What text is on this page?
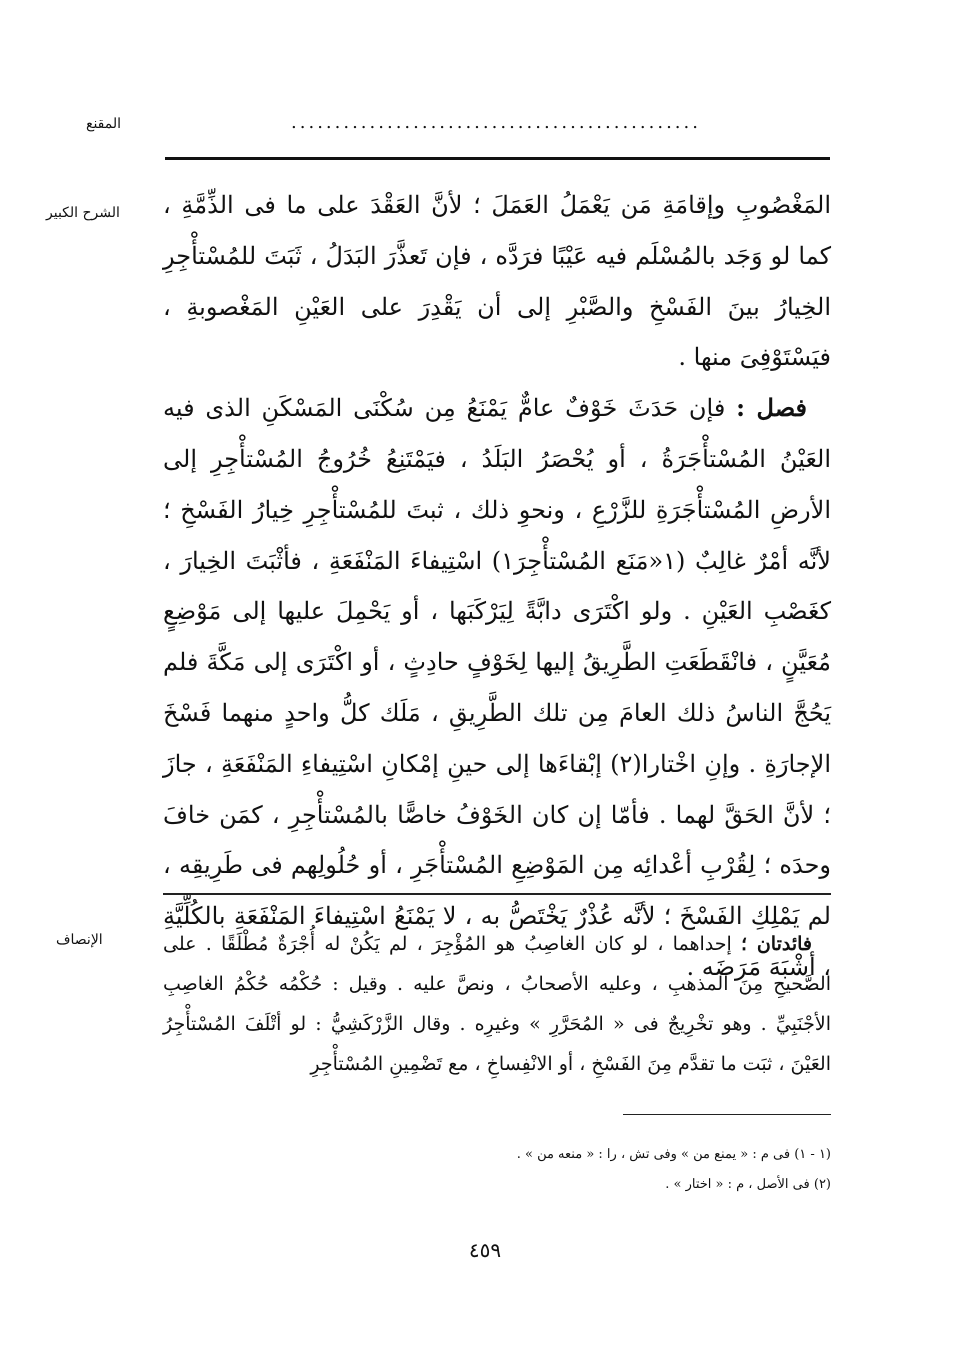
المقنع	...............................................
الشرح الكبير	المَغْصُوبِ وإقامَةِ مَن يَعْمَلُ العَمَلَ ؛ لأنَّ العَقْدَ على ما فى الذِّمَّةِ ، كما لو وَجَد بالمُسْلَم فيه عَيْبًا فرَدَّه ، فإن تَعذَّرَ البَدَلُ ، ثَبَتَ للمُسْتأْجِرِ الخِيارُ بينَ الفَسْخِ والصَّبْرِ إلى أن يَقْدِرَ على العَيْنِ المَغْصوبةِ ، فيَسْتَوْفِىَ منها .

 فصل : فإن حَدَثَ خَوْفٌ عامٌّ يَمْنَعُ مِن سُكْنَى المَسْكَنِ الذى فيه العَيْنُ المُسْتأْجَرَةُ ، أو يُحْصَرُ البَلَدُ ، فيَمْتَنِعُ خُرُوجُ المُسْتأْجِرِ إلى الأرضِ المُسْتأْجَرَةِ للزَّرْعِ ، ونحوِ ذلك ، ثبتَ للمُسْتأْجِرِ خِيارُ الفَسْخِ ؛ لأنَّه أمْرٌ غالِبٌ (١«مَنَع المُسْتأْجِرَ١) اسْتِيفاءَ المَنْفَعَةِ ، فأثْبَتَ الخِيارَ ، كغَصْبِ العَيْنِ . ولو اكْتَرَى دابَّةً لِيَرْكَبَها ، أو يَحْمِلَ عليها إلى مَوْضِعٍ مُعَيَّنٍ ، فانْقَطَعَتِ الطَّرِيقُ إليها لِخَوْفٍ حادِثٍ ، أو اكْتَرَى إلى مَكَّةَ فلم يَحُجَّ الناسُ ذلك العامَ مِن تلك الطَّرِيقِ ، مَلَك كلُّ واحدٍ منهما فَسْخَ الإجارَةِ . وإنِ اخْتارا(٢) إبْقاءَها إلى حينِ إمْكانِ اسْتِيفاءِ المَنْفَعَةِ ، جازَ ؛ لأنَّ الحَقَّ لهما . فأمّا إن كان الخَوْفُ خاصًّا بالمُسْتأْجِرِ ، كمَن خافَ وحدَه ؛ لِقُرْبِ أعْدائِه مِن المَوْضِعِ المُسْتأْجَرِ ، أو حُلُولِهم فى طَرِيقِه ، لم يَمْلِكِ الفَسْخَ ؛ لأنَّه عُذْرٌ يَخْتَصُّ به ، لا يَمْنَعُ اسْتِيفاءَ المَنْفَعَةِ بالكُلِّيَّةِ ، أشْبَهَ مَرَضَه .

الإنصاف

 	فائدتان ؛ إحداهما ، لو كان الغاصِبُ هو المُؤْجِرَ ، لم يَكُنْ له أُجْرَةٌ مُطْلَقًا . على الصَّحيحِ مِنَ المذهبِ ، وعليه الأصحابُ ، ونصَّ عليه . وقيل : حُكْمُه حُكْمُ الغاصِبِ الأجْنَبِيِّ . وهو تخْرِيجٌ فى « المُحَرَّرِ » وغيرِه . وقال الزَّرْكَشِيُّ : لو أتْلَفَ المُسْتأْجِرُ العَيْنَ ، ثبَت ما تقدَّم مِنَ الفَسْخِ ، أو الانْفِساخِ ، مع تَضْمِينِ المُسْتأْجِرِ

(١ - ١) فى م : « يمنع من » وفى تش ، را : « منعه من » .
(٢) فى الأصل ، م : « اختار » .
٤٥٩
